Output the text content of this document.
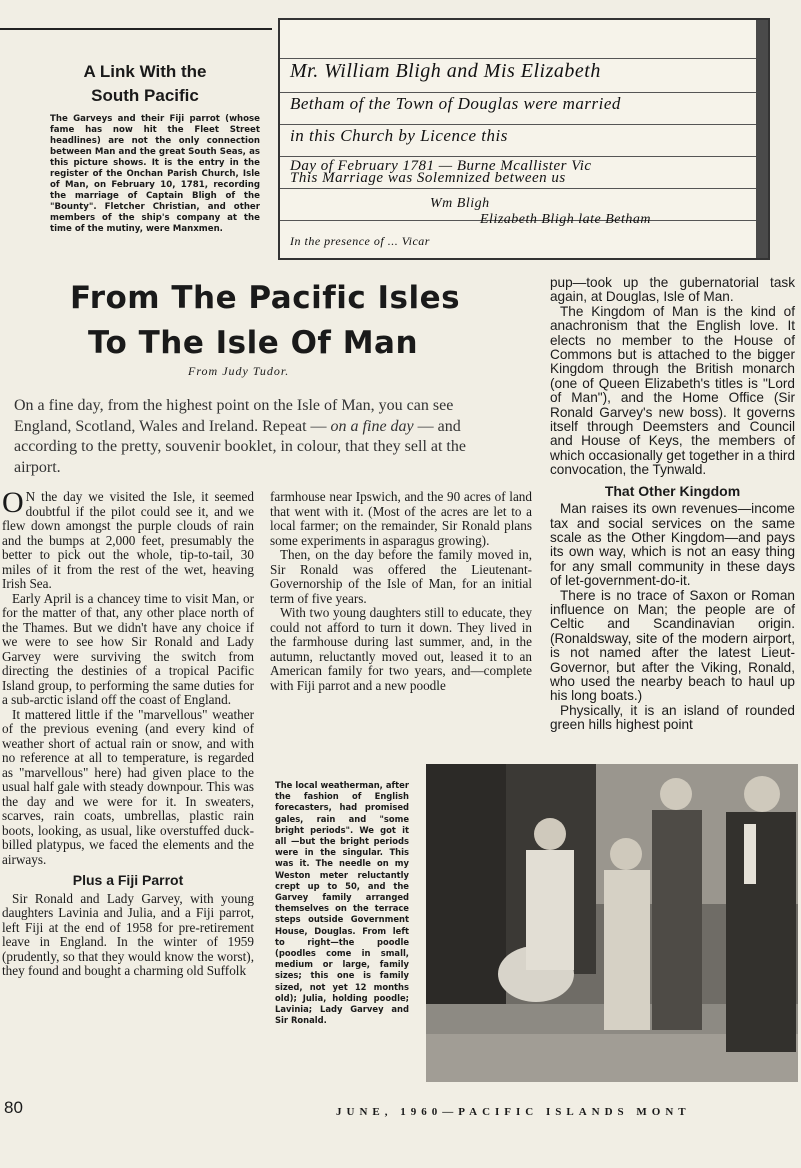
A Link With the
South Pacific
The Garveys and their Fiji parrot (whose fame has now hit the Fleet Street headlines) are not the only connection between Man and the great South Seas, as this picture shows. It is the entry in the register of the Onchan Parish Church, Isle of Man, on February 10, 1781, recording the marriage of Captain Bligh of the "Bounty". Fletcher Christian, and other members of the ship's company at the time of the mutiny, were Manxmen.
Mr. William Bligh and Mis Elizabeth
Betham of the Town of Douglas were married
in this Church by Licence this
Day of February 1781 — Burne Mcallister Vic
This Marriage was Solemnized between us
Wm Bligh
Elizabeth Bligh late Betham
In the presence of ... Vicar
From The Pacific Isles
To The Isle Of Man
From Judy Tudor.
On a fine day, from the highest point on the Isle of Man, you can see England, Scotland, Wales and Ireland. Repeat — on a fine day — and according to the pretty, souvenir booklet, in colour, that they sell at the airport.

O N the day we visited the Isle, it seemed doubtful if the pilot could see it, and we flew down amongst the purple clouds of rain and the bumps at 2,000 feet, presumably the better to pick out the whole, tip-to-tail, 30 miles of it from the rest of the wet, heaving Irish Sea.

Early April is a chancey time to visit Man, or for the matter of that, any other place north of the Thames. But we didn't have any choice if we were to see how Sir Ronald and Lady Garvey were surviving the switch from directing the destinies of a tropical Pacific Island group, to performing the same duties for a sub-arctic island off the coast of England.

It mattered little if the "marvellous" weather of the previous evening (and every kind of weather short of actual rain or snow, and with no reference at all to temperature, is regarded as "marvellous" here) had given place to the usual half gale with steady downpour. This was the day and we were for it. In sweaters, scarves, rain coats, umbrellas, plastic rain boots, looking, as usual, like overstuffed duck-billed platypus, we faced the elements and the airways.

Plus a Fiji Parrot

Sir Ronald and Lady Garvey, with young daughters Lavinia and Julia, and a Fiji parrot, left Fiji at the end of 1958 for pre-retirement leave in England. In the winter of 1959 (prudently, so that they would know the worst), they found and bought a charming old Suffolk

farmhouse near Ipswich, and the 90 acres of land that went with it. (Most of the acres are let to a local farmer; on the remainder, Sir Ronald plans some experiments in asparagus growing).

Then, on the day before the family moved in, Sir Ronald was offered the Lieutenant-Governorship of the Isle of Man, for an initial term of five years.

With two young daughters still to educate, they could not afford to turn it down. They lived in the farmhouse during last summer, and, in the autumn, reluctantly moved out, leased it to an American family for two years, and—complete with Fiji parrot and a new poodle

pup—took up the gubernatorial task again, at Douglas, Isle of Man.

The Kingdom of Man is the kind of anachronism that the English love. It elects no member to the House of Commons but is attached to the bigger Kingdom through the British monarch (one of Queen Elizabeth's titles is "Lord of Man"), and the Home Office (Sir Ronald Garvey's new boss). It governs itself through Deemsters and Council and House of Keys, the members of which occasionally get together in a third convocation, the Tynwald.

That Other Kingdom

Man raises its own revenues—income tax and social services on the same scale as the Other Kingdom—and pays its own way, which is not an easy thing for any small community in these days of let-government-do-it.

There is no trace of Saxon or Roman influence on Man; the people are of Celtic and Scandinavian origin. (Ronaldsway, site of the modern airport, is not named after the latest Lieut-Governor, but after the Viking, Ronald, who used the nearby beach to haul up his long boats.)

Physically, it is an island of rounded green hills highest point

The local weatherman, after the fashion of English forecasters, had promised gales, rain and "some bright periods". We got it all —but the bright periods were in the singular. This was it. The needle on my Weston meter reluctantly crept up to 50, and the Garvey family arranged themselves on the terrace steps outside Government House, Douglas. From left to right—the poodle (poodles come in small, medium or large, family sizes; this one is family sized, not yet 12 months old); Julia, holding poodle; Lavinia; Lady Garvey and Sir Ronald.
80	JUNE, 1960—PACIFIC ISLANDS MONT
